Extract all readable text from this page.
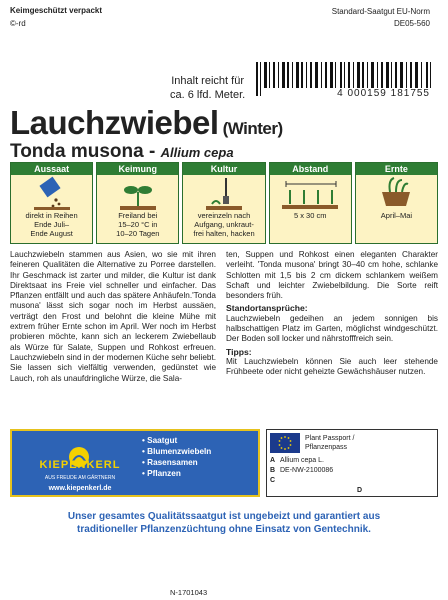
Keimgeschützt verpackt
©-rd
Standard-Saatgut EU-Norm
DE05-560
4 000159 181755
Inhalt reicht für
ca. 6 lfd. Meter.
Lauchzwiebel (Winter)
Tonda musona - Allium cepa
Aussaat
direkt in Reihen
Ende Juli–
Ende August
Keimung
Freiland bei
15–20 °C in
10–20 Tagen
Kultur
vereinzeln nach
Aufgang, unkraut-
frei halten, hacken
Abstand
5 x 30 cm
Ernte
April–Mai
Lauchzwiebeln stammen aus Asien, wo sie mit ihren feineren Qualitäten die Alternative zu Porree darstellen. Ihr Geschmack ist zarter und milder, die Kultur ist dank Direktsaat ins Freie viel schneller und einfacher. Das Pflanzen entfällt und auch das spätere Anhäufeln.'Tonda musona' lässt sich sogar noch im Herbst aussäen, verträgt den Frost und belohnt die kleine Mühe mit extrem früher Ernte schon im April. Wer noch im Herbst probieren möchte, kann sich an leckerem Zwiebellaub als Würze für Salate, Suppen und Rohkost erfreuen. Lauchzwiebeln sind in der modernen Küche sehr beliebt. Sie lassen sich vielfältig verwenden, gedünstet wie Lauch, roh als unaufdringliche Würze, die Sala-

ten, Suppen und Rohkost einen eleganten Charakter verleiht. 'Tonda musona' bringt 30–40 cm hohe, schlanke Schlotten mit 1,5 bis 2 cm dickem schlankem weißem Schaft und leichter Zwiebelbildung. Die Sorte reift besonders früh.

Standortansprüche:

Lauchzwiebeln gedeihen an jedem sonnigen bis halbschattigen Platz im Garten, möglichst windgeschützt. Der Boden soll locker und nährstofffreich sein.

Tipps:

Mit Lauchzwiebeln können Sie auch leer stehende Frühbeete oder nicht geheizte Gewächshäuser nutzen.

KIEPENKERL
AUS FREUDE AM GÄRTNERN
www.kiepenkerl.de
• Saatgut
• Blumenzwiebeln
• Rasensamen
• Pflanzen
Plant Passport /
Pflanzenpass
A Allium cepa L.
B DE-NW-2100086
C
D
Unser gesamtes Qualitätssaatgut ist ungebeizt und garantiert aus
traditioneller Pflanzenzüchtung ohne Einsatz von Gentechnik.
N-1701043
